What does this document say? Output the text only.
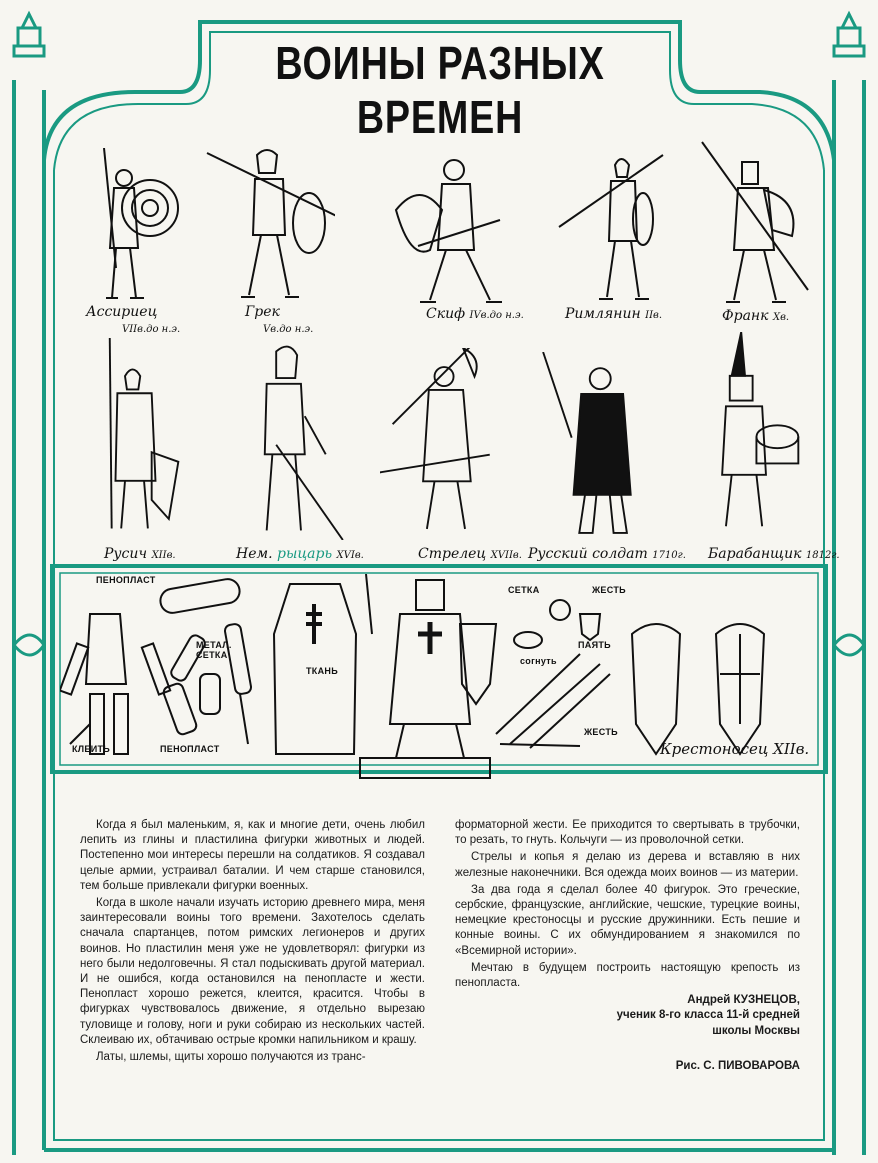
ВОИНЫ РАЗНЫХ ВРЕМЕН
Ассириец
VIIв.до н.э.
Грек
Vв.до н.э.
Скиф IVв.до н.э.	Римлянин IIв.	Франк Xв.
Русич XIIв.	Нем. рыцарь XVIв.	Стрелец XVIIв. Русский солдат 1710г. Барабанщик 1812г.
ПЕНОПЛАСТ
КЛЕИТЬ	ПЕНОПЛАСТ
МЕТАЛ.
СЕТКА
ТКАНЬ
СЕТКА	ЖЕСТЬ
согнуть
ПАЯТЬ
ЖЕСТЬ
Крестоносец XIIв.

Когда я был маленьким, я, как и многие дети, очень любил лепить из глины и пластилина фигурки животных и людей. Постепенно мои интересы перешли на солдатиков. Я создавал целые армии, устраивал баталии. И чем старше становился, тем больше привлекали фигурки военных.

Когда в школе начали изучать историю древнего мира, меня заинтересовали воины того времени. Захотелось сделать сначала спартанцев, потом римских легионеров и других воинов. Но пластилин меня уже не удовлетворял: фигурки из него были недолговечны. Я стал подыскивать другой материал. И не ошибся, когда остановился на пенопласте и жести. Пенопласт хорошо режется, клеится, красится. Чтобы в фигурках чувствовалось движение, я отдельно вырезаю туловище и голову, ноги и руки собираю из нескольких частей. Склеиваю их, обтачиваю острые кромки напильником и крашу.

Латы, шлемы, щиты хорошо получаются из транс-

форматорной жести. Ее приходится то свертывать в трубочки, то резать, то гнуть. Кольчуги — из проволочной сетки.

Стрелы и копья я делаю из дерева и вставляю в них железные наконечники. Вся одежда моих воинов — из материи.

За два года я сделал более 40 фигурок. Это греческие, сербские, французские, английские, чешские, турецкие воины, немецкие крестоносцы и русские дружинники. Есть пешие и конные воины. С их обмундированием я знакомился по «Всемирной истории».

Мечтаю в будущем построить настоящую крепость из пенопласта.

Андрей КУЗНЕЦОВ,
ученик 8-го класса 11-й средней
школы Москвы
Рис. С. ПИВОВАРОВА
